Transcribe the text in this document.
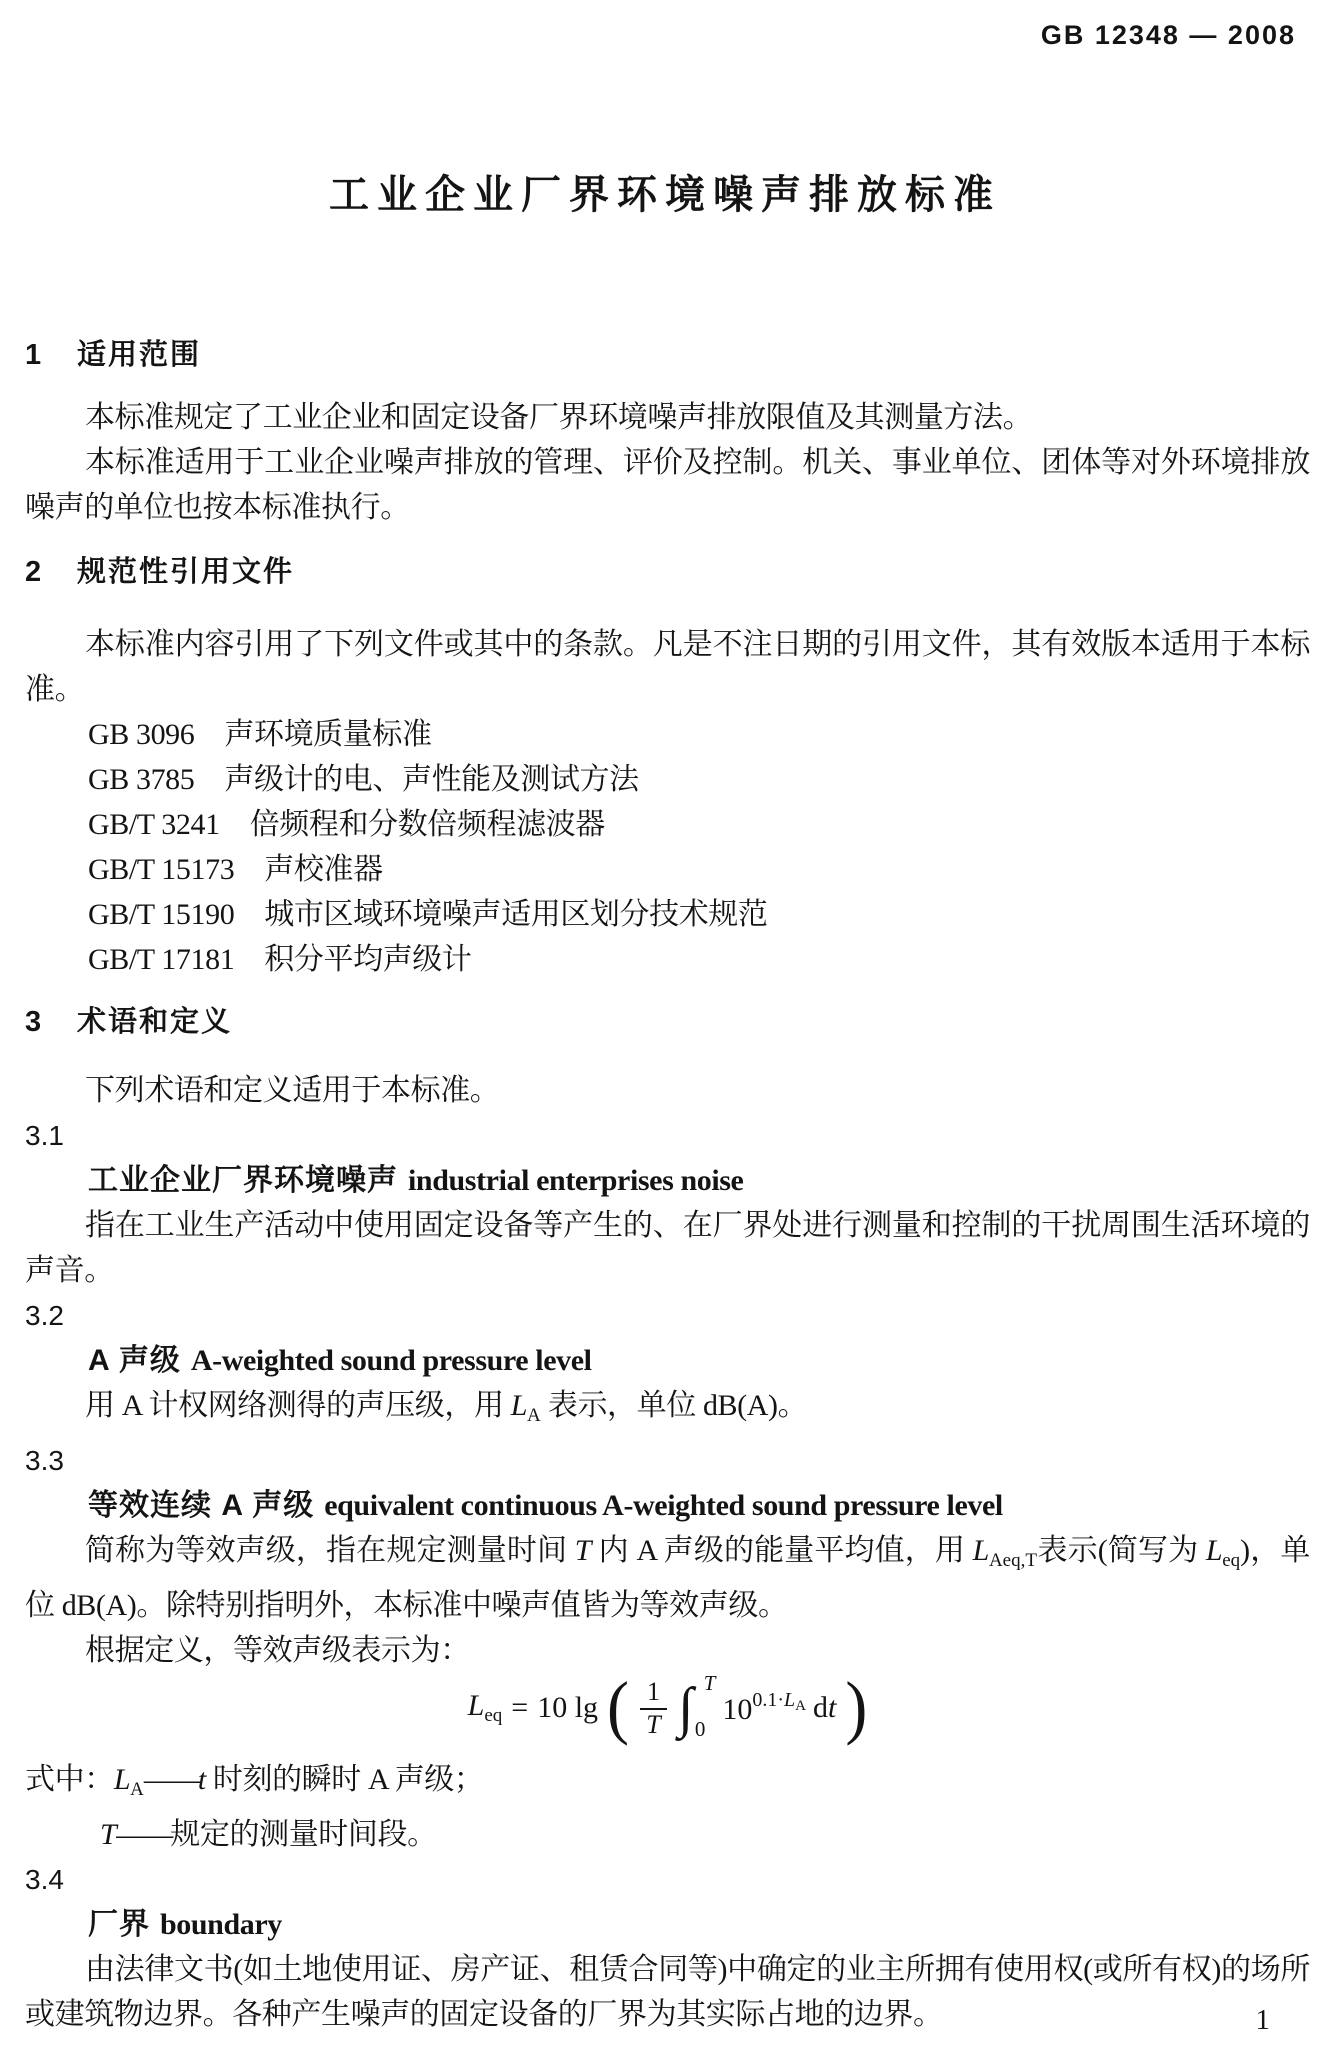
GB 12348 — 2008
工业企业厂界环境噪声排放标准
1 适用范围

本标准规定了工业企业和固定设备厂界环境噪声排放限值及其测量方法。

本标准适用于工业企业噪声排放的管理、评价及控制。机关、事业单位、团体等对外环境排放噪声的单位也按本标准执行。

2 规范性引用文件

本标准内容引用了下列文件或其中的条款。凡是不注日期的引用文件，其有效版本适用于本标准。

GB 3096 声环境质量标准

GB 3785 声级计的电、声性能及测试方法

GB/T 3241 倍频程和分数倍频程滤波器

GB/T 15173 声校准器

GB/T 15190 城市区域环境噪声适用区划分技术规范

GB/T 17181 积分平均声级计

3 术语和定义

下列术语和定义适用于本标准。

3.1
工业企业厂界环境噪声 industrial enterprises noise

指在工业生产活动中使用固定设备等产生的、在厂界处进行测量和控制的干扰周围生活环境的声音。

3.2
A 声级 A-weighted sound pressure level

用 A 计权网络测得的声压级，用 $L_A$ 表示，单位 dB(A)。

3.3
等效连续 A 声级 equivalent continuous A-weighted sound pressure level

简称为等效声级，指在规定测量时间 T 内 A 声级的能量平均值，用 $L_{Aeq,T}$表示(简写为 $L_{eq}$)，单位 dB(A)。除特别指明外，本标准中噪声值皆为等效声级。

根据定义，等效声级表示为：

$L_{eq} = 10$ lg ( $\frac{1}{T}$ ∫ T
0
$10^{0.1\cdot L_A}$ dt )

式中：$L_A——t$ 时刻的瞬时 A 声级；

T——规定的测量时间段。

3.4
厂界 boundary

由法律文书(如土地使用证、房产证、租赁合同等)中确定的业主所拥有使用权(或所有权)的场所或建筑物边界。各种产生噪声的固定设备的厂界为其实际占地的边界。	1
